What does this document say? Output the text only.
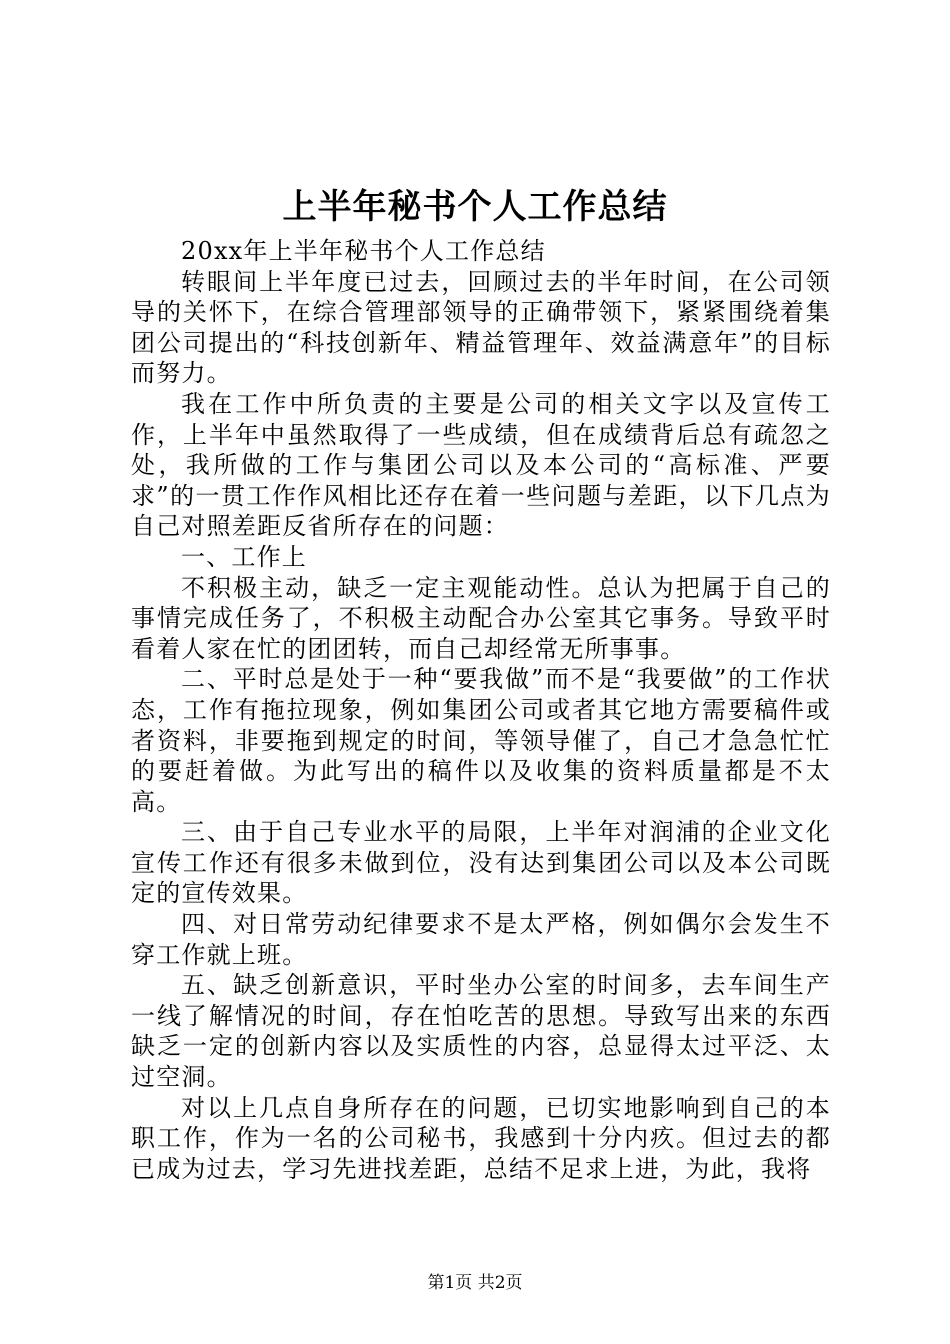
上半年秘书个人工作总结

20xx年上半年秘书个人工作总结

转眼间上半年度已过去，回顾过去的半年时间，在公司领导的关怀下，在综合管理部领导的正确带领下，紧紧围绕着集团公司提出的“科技创新年、精益管理年、效益满意年”的目标而努力。

我在工作中所负责的主要是公司的相关文字以及宣传工作，上半年中虽然取得了一些成绩，但在成绩背后总有疏忽之处，我所做的工作与集团公司以及本公司的“高标准、严要求”的一贯工作作风相比还存在着一些问题与差距，以下几点为自己对照差距反省所存在的问题：

一、工作上

不积极主动，缺乏一定主观能动性。总认为把属于自己的事情完成任务了，不积极主动配合办公室其它事务。导致平时看着人家在忙的团团转，而自己却经常无所事事。

二、平时总是处于一种“要我做”而不是“我要做”的工作状态，工作有拖拉现象，例如集团公司或者其它地方需要稿件或者资料，非要拖到规定的时间，等领导催了，自己才急急忙忙的要赶着做。为此写出的稿件以及收集的资料质量都是不太高。

三、由于自己专业水平的局限，上半年对润浦的企业文化宣传工作还有很多未做到位，没有达到集团公司以及本公司既定的宣传效果。

四、对日常劳动纪律要求不是太严格，例如偶尔会发生不穿工作就上班。

五、缺乏创新意识，平时坐办公室的时间多，去车间生产一线了解情况的时间，存在怕吃苦的思想。导致写出来的东西缺乏一定的创新内容以及实质性的内容，总显得太过平泛、太过空洞。

对以上几点自身所存在的问题，已切实地影响到自己的本职工作，作为一名的公司秘书，我感到十分内疚。但过去的都已成为过去，学习先进找差距，总结不足求上进，为此，我将

第1页 共2页
